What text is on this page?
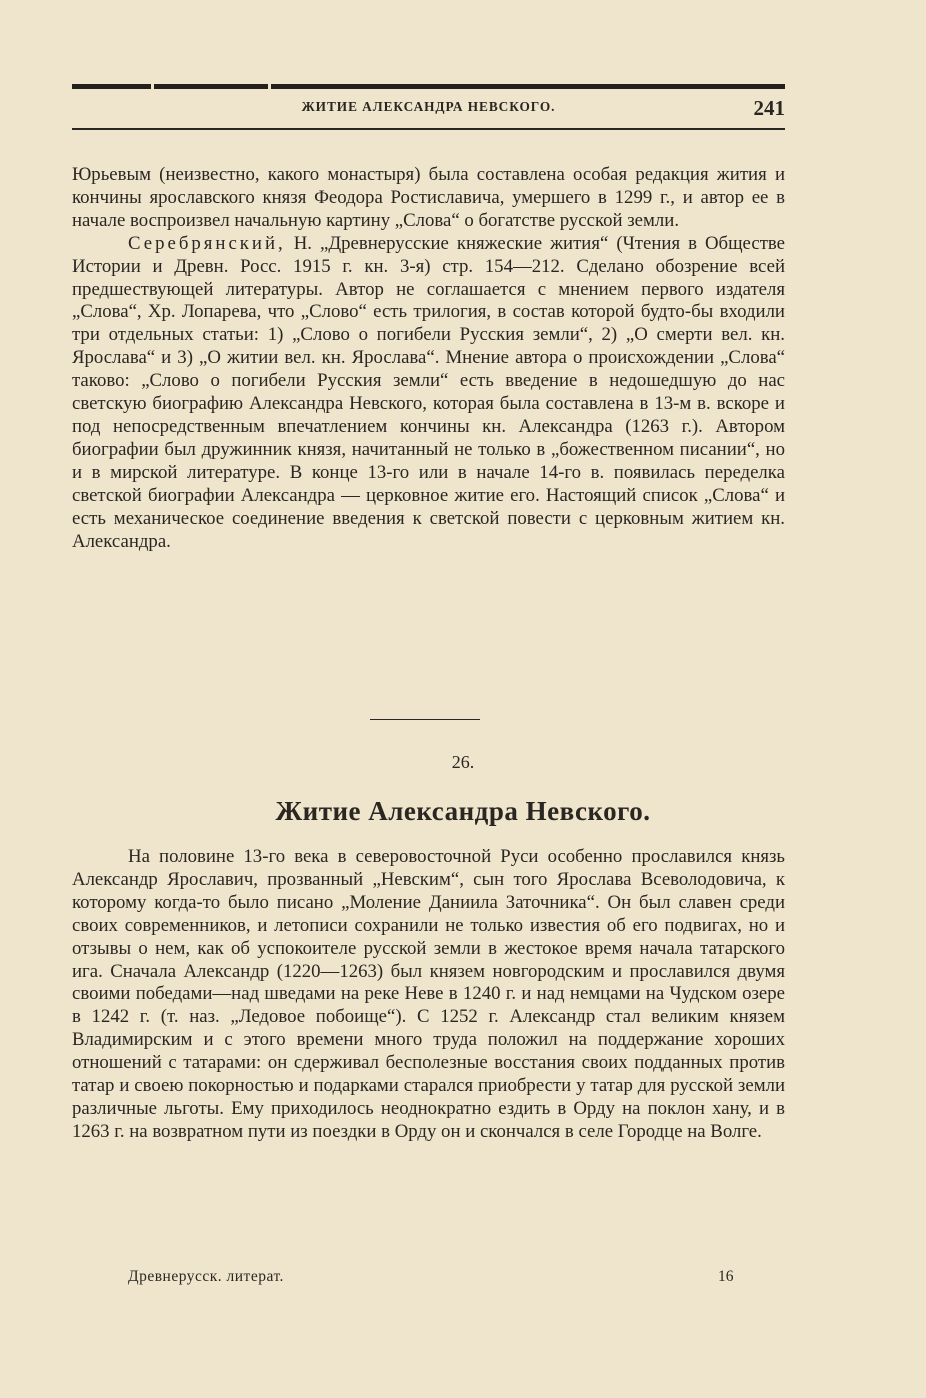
ЖИТИЕ АЛЕКСАНДРА НЕВСКОГО.	241

Юрьевым (неизвестно, какого монастыря) была составлена особая редакция жития и кончины ярославского князя Феодора Ростиславича, умершего в 1299 г., и автор ее в начале воспроизвел начальную картину „Слова“ о богатстве русской земли.

Серебрянский, Н. „Древнерусские княжеские жития“ (Чтения в Обществе Истории и Древн. Росс. 1915 г. кн. 3-я) стр. 154—212. Сделано обозрение всей предшествующей литературы. Автор не соглашается с мнением первого издателя „Слова“, Хр. Лопарева, что „Слово“ есть трилогия, в состав которой будто-бы входили три отдельных статьи: 1) „Слово о погибели Русския земли“, 2) „О смерти вел. кн. Ярослава“ и 3) „О житии вел. кн. Ярослава“. Мнение автора о происхождении „Слова“ таково: „Слово о погибели Русския земли“ есть введение в недошедшую до нас светскую биографию Александра Невского, которая была составлена в 13-м в. вскоре и под непосредственным впечатлением кончины кн. Александра (1263 г.). Автором биографии был дружинник князя, начитанный не только в „божественном писании“, но и в мирской литературе. В конце 13-го или в начале 14-го в. появилась переделка светской биографии Александра — церковное житие его. Настоящий список „Слова“ и есть механическое соединение введения к светской повести с церковным житием кн. Александра.

26.
Житие Александра Невского.

На половине 13-го века в северовосточной Руси особенно прославился князь Александр Ярославич, прозванный „Невским“, сын того Ярослава Всеволодовича, к которому когда-то было писано „Моление Даниила Заточника“. Он был славен среди своих современников, и летописи сохранили не только известия об его подвигах, но и отзывы о нем, как об успокоителе русской земли в жестокое время начала татарского ига. Сначала Александр (1220—1263) был князем новгородским и прославился двумя своими победами—над шведами на реке Неве в 1240 г. и над немцами на Чудском озере в 1242 г. (т. наз. „Ледовое побоище“). С 1252 г. Александр стал великим князем Владимирским и с этого времени много труда положил на поддержание хороших отношений с татарами: он сдерживал бесполезные восстания своих подданных против татар и своею покорностью и подарками старался приобрести у татар для русской земли различные льготы. Ему приходилось неоднократно ездить в Орду на поклон хану, и в 1263 г. на возвратном пути из поездки в Орду он и скончался в селе Городце на Волге.

Древнерусск. литерат.	16
